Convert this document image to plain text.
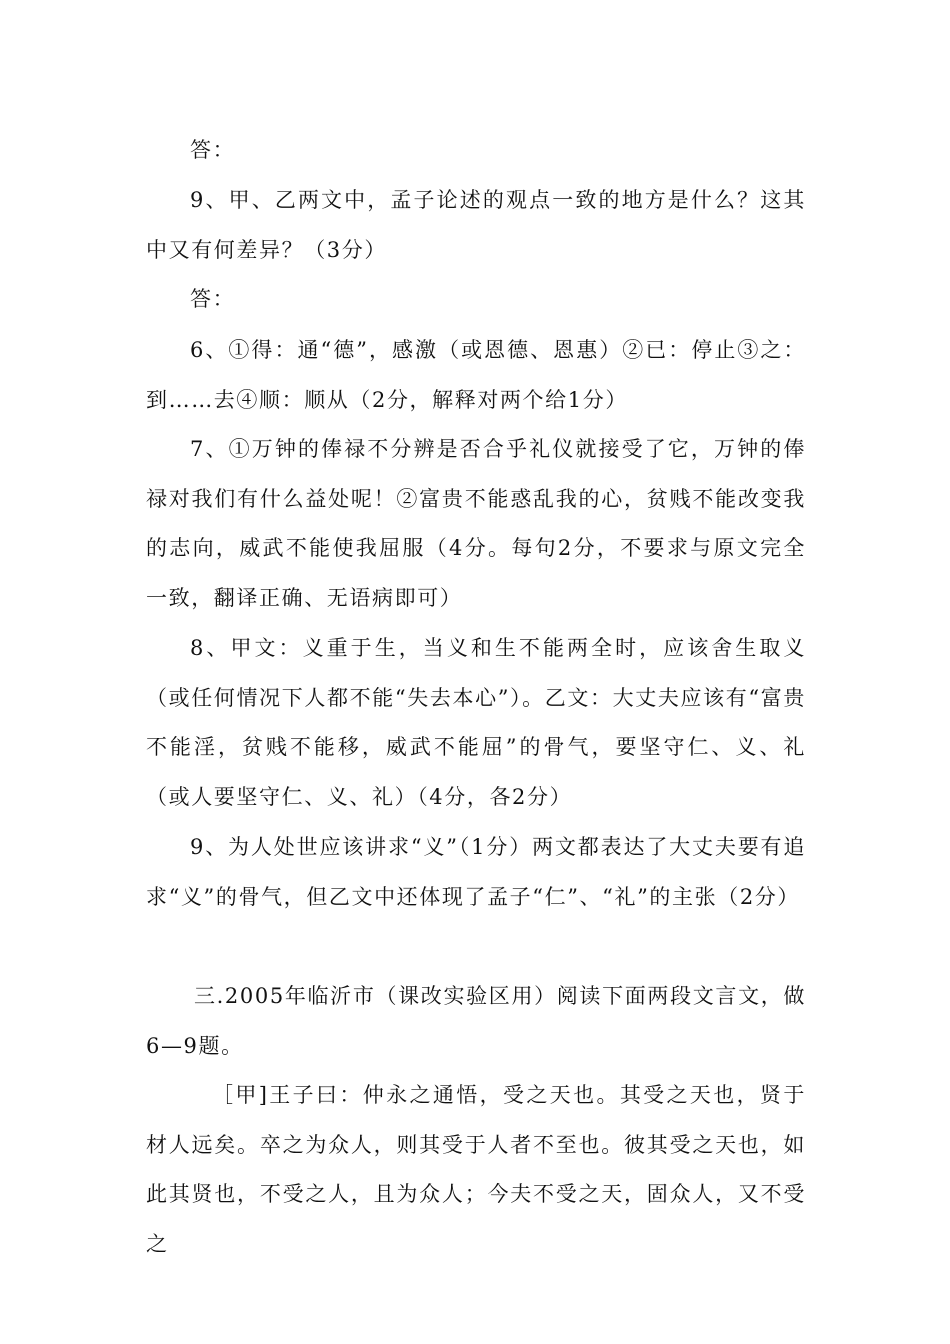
答：

9、甲、乙两文中，孟子论述的观点一致的地方是什么？这其中又有何差异？（3分）

答：

6、①得：通“德”，感激（或恩德、恩惠）②已：停止③之：到……去④顺：顺从（2分，解释对两个给1分）

7、①万钟的俸禄不分辨是否合乎礼仪就接受了它，万钟的俸禄对我们有什么益处呢！②富贵不能惑乱我的心，贫贱不能改变我的志向，威武不能使我屈服（4分。每句2分，不要求与原文完全一致，翻译正确、无语病即可）

8、甲文：义重于生，当义和生不能两全时，应该舍生取义（或任何情况下人都不能“失去本心”）。乙文：大丈夫应该有“富贵不能淫，贫贱不能移，威武不能屈”的骨气，要坚守仁、义、礼（或人要坚守仁、义、礼）（4分，各2分）

9、为人处世应该讲求“义”（1分）两文都表达了大丈夫要有追求“义”的骨气，但乙文中还体现了孟子“仁”、“礼”的主张（2分）

三.2005年临沂市（课改实验区用）阅读下面两段文言文，做6—9题。

［甲]王子曰：仲永之通悟，受之天也。其受之天也，贤于材人远矣。卒之为众人，则其受于人者不至也。彼其受之天也，如此其贤也，不受之人，且为众人；今夫不受之天，固众人，又不受之
